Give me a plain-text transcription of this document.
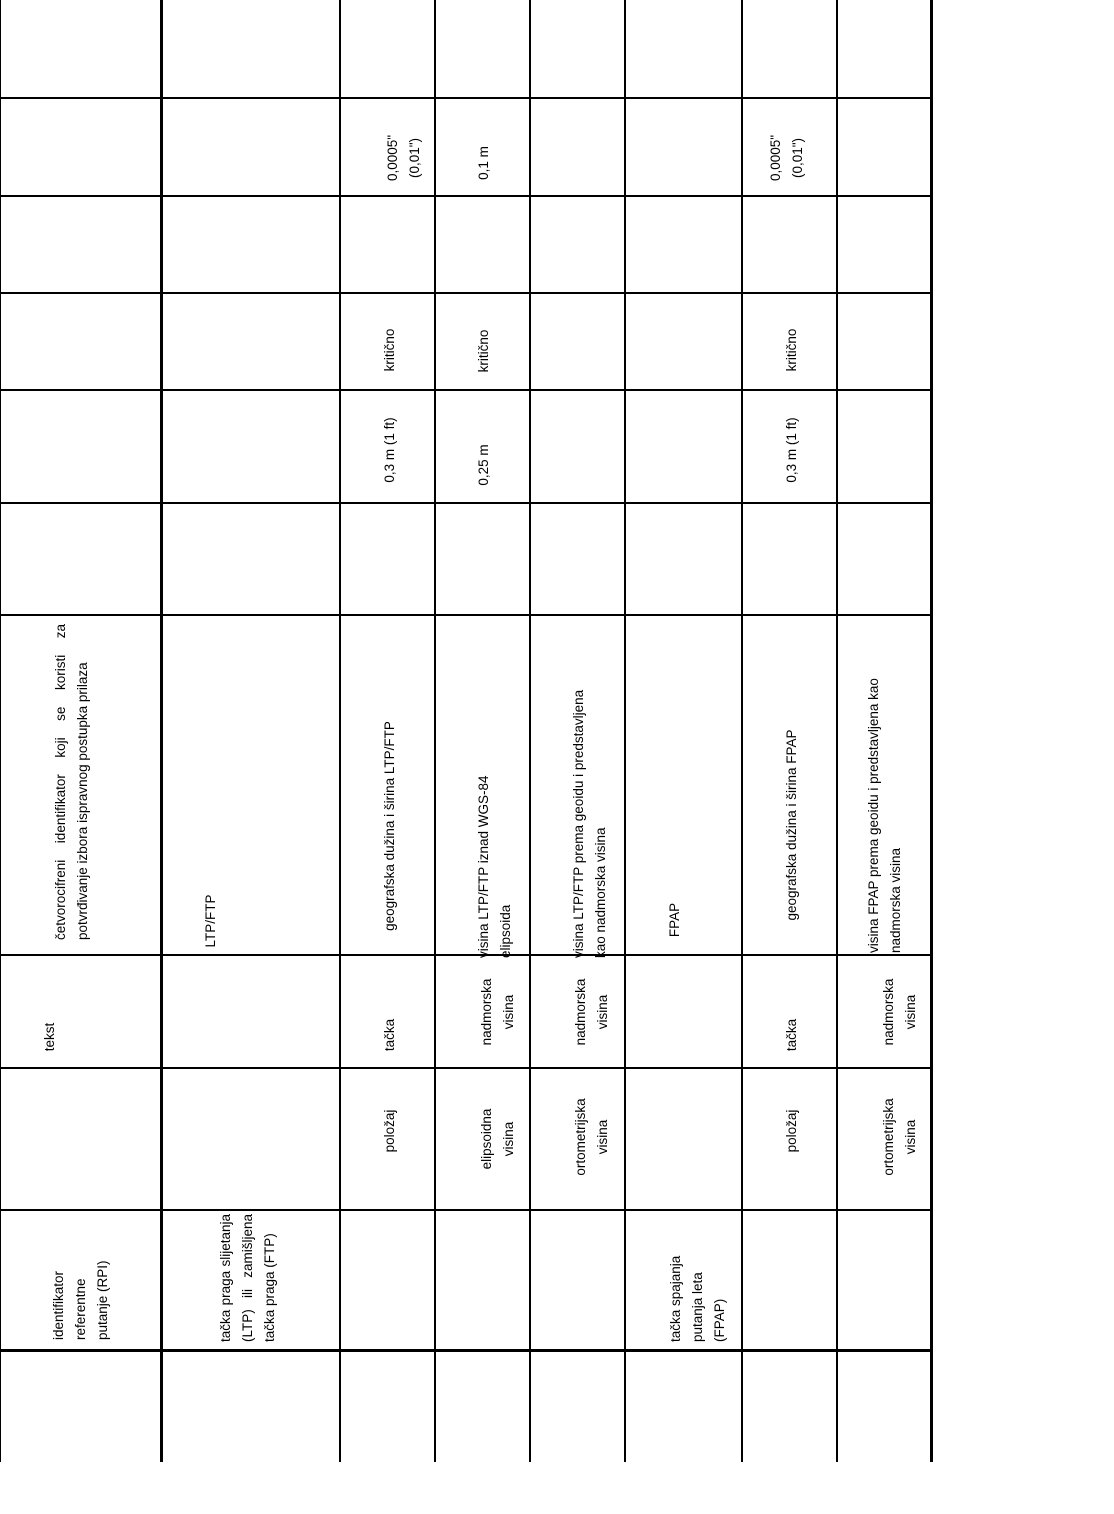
identifikator referentne putanje (RPI)
tekst
četvorocifreni identifikator koji se koristi za potvrđivanje izbora ispravnog postupka prilaza
tačka praga slijetanja (LTP) ili zamišljena tačka praga (FTP)
LTP/FTP
položaj
tačka
geografska dužina i širina LTP/FTP
0,3 m (1 ft)
kritično
0,0005" (0,01")
elipsoidna visina
nadmorska visina
visina LTP/FTP iznad WGS-84 elipsoida
0,25 m
kritično
0,1 m
ortometrijska visina
nadmorska visina
visina LTP/FTP prema geoidu i predstavljena kao nadmorska visina
tačka spajanja putanja leta (FPAP)
FPAP
položaj
tačka
geografska dužina i širina FPAP
0,3 m (1 ft)
kritično
0,0005" (0,01")
ortometrijska visina
nadmorska visina
visina FPAP prema geoidu i predstavljena kao nadmorska visina
